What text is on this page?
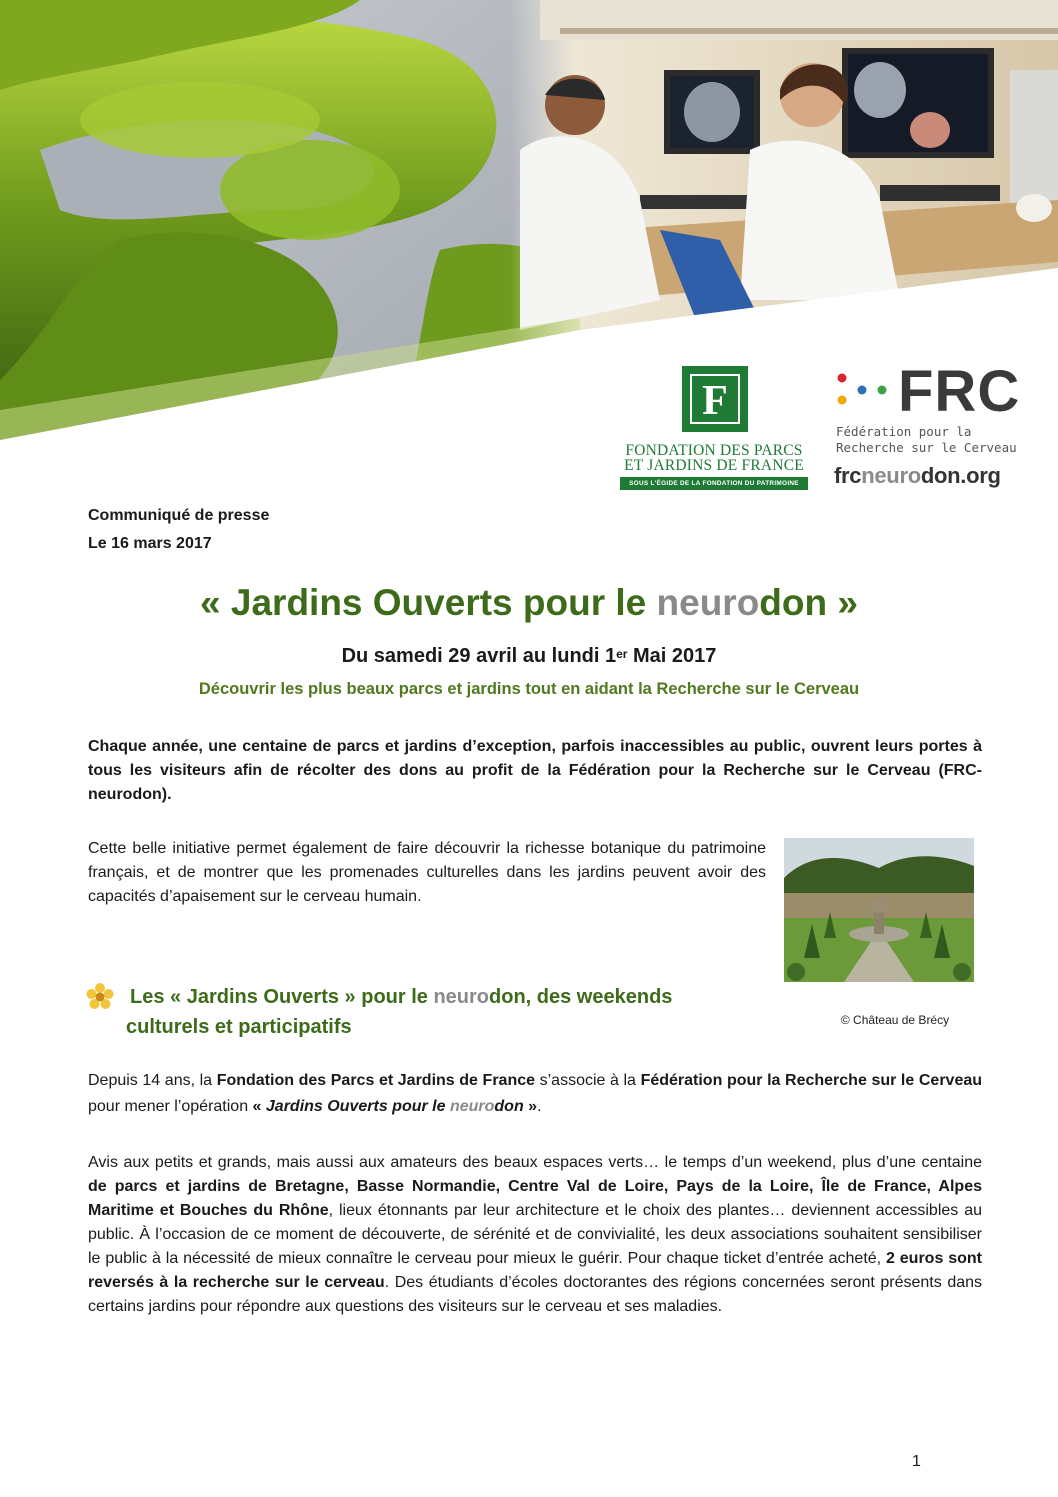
F
FONDATION DES PARCS
ET JARDINS DE FRANCE
SOUS L'ÉGIDE DE LA FONDATION DU PATRIMOINE
FRC
Fédération pour la
Recherche sur le Cerveau
frcneurodon.org
Communiqué de presse
Le 16 mars 2017
« Jardins Ouverts pour le neurodon »
Du samedi 29 avril au lundi 1er Mai 2017
Découvrir les plus beaux parcs et jardins tout en aidant la Recherche sur le Cerveau

Chaque année, une centaine de parcs et jardins d’exception, parfois inaccessibles au public, ouvrent leurs portes à tous les visiteurs afin de récolter des dons au profit de la Fédération pour la Recherche sur le Cerveau (FRC-neurodon).

Cette belle initiative permet également de faire découvrir la richesse botanique du patrimoine français, et de montrer que les promenades culturelles dans les jardins peuvent avoir des capacités d’apaisement sur le cerveau humain.

© Château de Brécy
Les « Jardins Ouverts » pour le neurodon, des weekends
culturels et participatifs

Depuis 14 ans, la Fondation des Parcs et Jardins de France s’associe à la Fédération pour la Recherche sur le Cerveau pour mener l’opération « Jardins Ouverts pour le neurodon ».

Avis aux petits et grands, mais aussi aux amateurs des beaux espaces verts… le temps d’un weekend, plus d’une centaine de parcs et jardins de Bretagne, Basse Normandie, Centre Val de Loire, Pays de la Loire, Île de France, Alpes Maritime et Bouches du Rhône, lieux étonnants par leur architecture et le choix des plantes… deviennent accessibles au public. À l’occasion de ce moment de découverte, de sérénité et de convivialité, les deux associations souhaitent sensibiliser le public à la nécessité de mieux connaître le cerveau pour mieux le guérir. Pour chaque ticket d’entrée acheté, 2 euros sont reversés à la recherche sur le cerveau. Des étudiants d’écoles doctorantes des régions concernées seront présents dans certains jardins pour répondre aux questions des visiteurs sur le cerveau et ses maladies.

1
